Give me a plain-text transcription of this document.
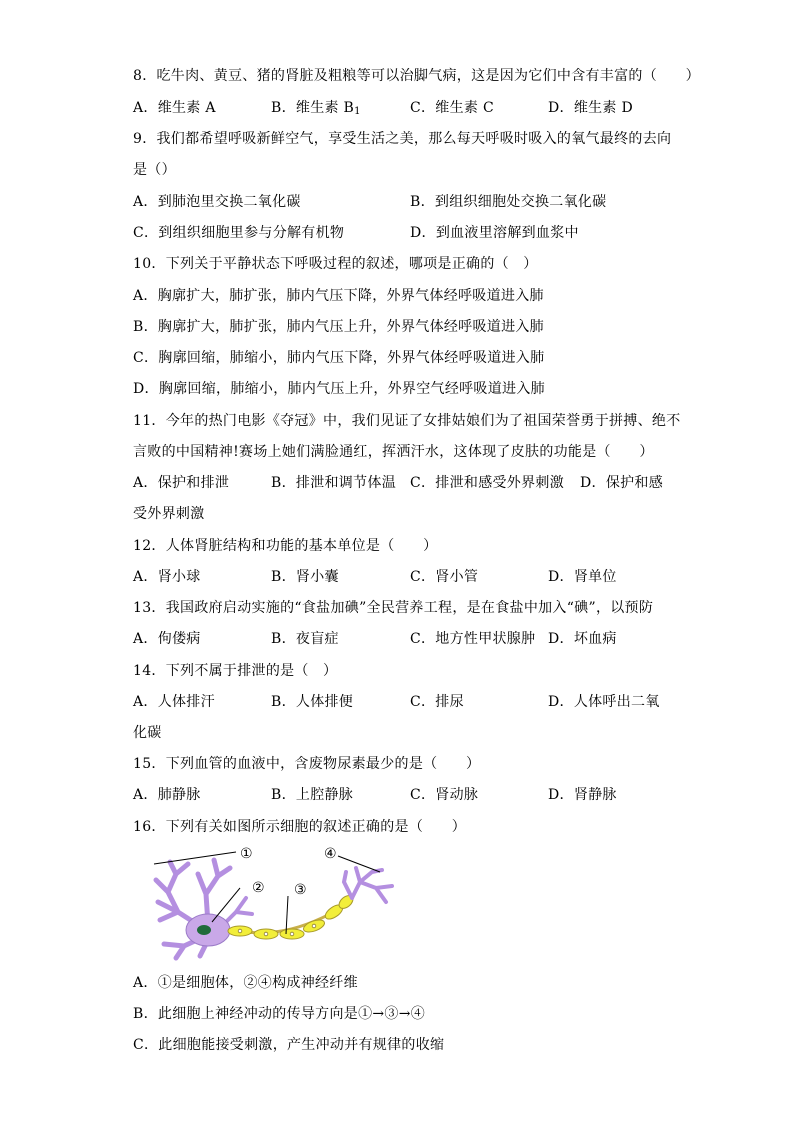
8．吃牛肉、黄豆、猪的肾脏及粗粮等可以治脚气病，这是因为它们中含有丰富的（　　）
A．维生素 A	B．维生素 $B_1$	C．维生素 C	D．维生素 D
9．我们都希望呼吸新鲜空气，享受生活之美，那么每天呼吸时吸入的氧气最终的去向
是（）
A．到肺泡里交换二氧化碳	B．到组织细胞处交换二氧化碳
C．到组织细胞里参与分解有机物	D．到血液里溶解到血浆中
10．下列关于平静状态下呼吸过程的叙述，哪项是正确的（　）
A．胸廓扩大，肺扩张，肺内气压下降，外界气体经呼吸道进入肺
B．胸廓扩大，肺扩张，肺内气压上升，外界气体经呼吸道进入肺
C．胸廓回缩，肺缩小，肺内气压下降，外界气体经呼吸道进入肺
D．胸廓回缩，肺缩小，肺内气压上升，外界空气经呼吸道进入肺
11．今年的热门电影《夺冠》中，我们见证了女排姑娘们为了祖国荣誉勇于拼搏、绝不
言败的中国精神!赛场上她们满脸通红，挥洒汗水，这体现了皮肤的功能是（　　）
A．保护和排泄	B．排泄和调节体温 C．排泄和感受外界刺激 D．保护和感
受外界刺激
12．人体肾脏结构和功能的基本单位是（　　）
A．肾小球	B．肾小囊	C．肾小管	D．肾单位
13．我国政府启动实施的“食盐加碘”全民营养工程，是在食盐中加入“碘”，以预防
A．佝偻病	B．夜盲症	C．地方性甲状腺肿 D．坏血病
14．下列不属于排泄的是（　）
A．人体排汗	B．人体排便	C．排尿	D．人体呼出二氧
化碳
15．下列血管的血液中，含废物尿素最少的是（　　）
A．肺静脉	B．上腔静脉	C．肾动脉	D．肾静脉
16．下列有关如图所示细胞的叙述正确的是（　　）
①
② ③
④
A．①是细胞体，②④构成神经纤维
B．此细胞上神经冲动的传导方向是①→③→④
C．此细胞能接受刺激，产生冲动并有规律的收缩
